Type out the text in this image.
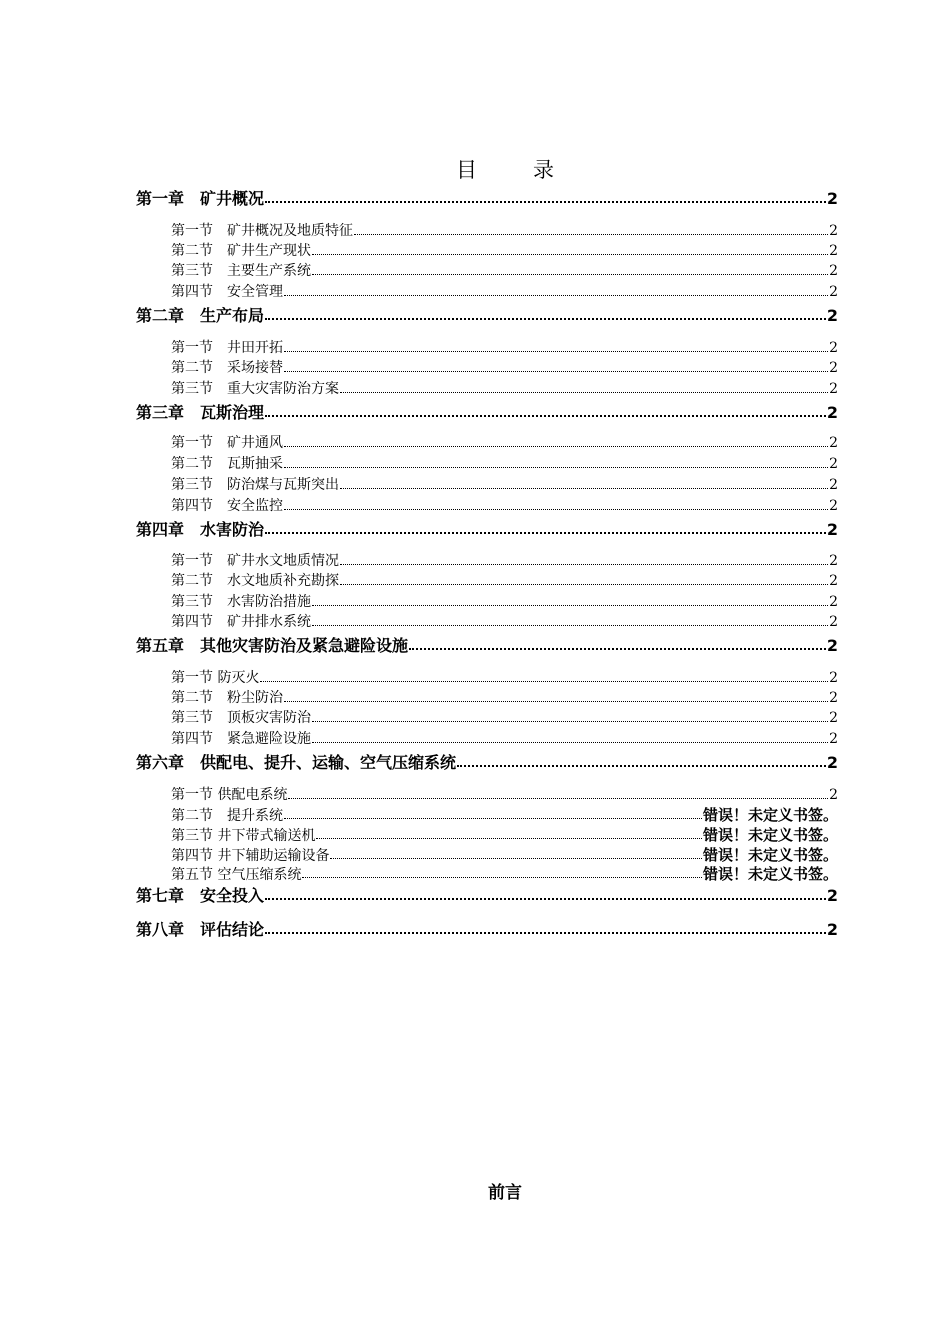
目	录
第一章　矿井概况	2
第一节　矿井概况及地质特征	2
第二节　矿井生产现状	2
第三节　主要生产系统	2
第四节　安全管理	2
第二章　生产布局	2
第一节　井田开拓	2
第二节　采场接替	2
第三节　重大灾害防治方案	2
第三章　瓦斯治理	2
第一节　矿井通风	2
第二节　瓦斯抽采	2
第三节　防治煤与瓦斯突出	2
第四节　安全监控	2
第四章　水害防治	2
第一节　矿井水文地质情况	2
第二节　水文地质补充勘探	2
第三节　水害防治措施	2
第四节　矿井排水系统	2
第五章　其他灾害防治及紧急避险设施	2
第一节 防灭火	2
第二节　粉尘防治	2
第三节　顶板灾害防治	2
第四节　紧急避险设施	2
第六章　供配电、提升、运输、空气压缩系统	2
第一节 供配电系统	2
第二节　提升系统	错误！未定义书签。
第三节 井下带式输送机	错误！未定义书签。
第四节 井下辅助运输设备	错误！未定义书签。
第五节 空气压缩系统	错误！未定义书签。
第七章　安全投入	2
第八章　评估结论	2
前言
